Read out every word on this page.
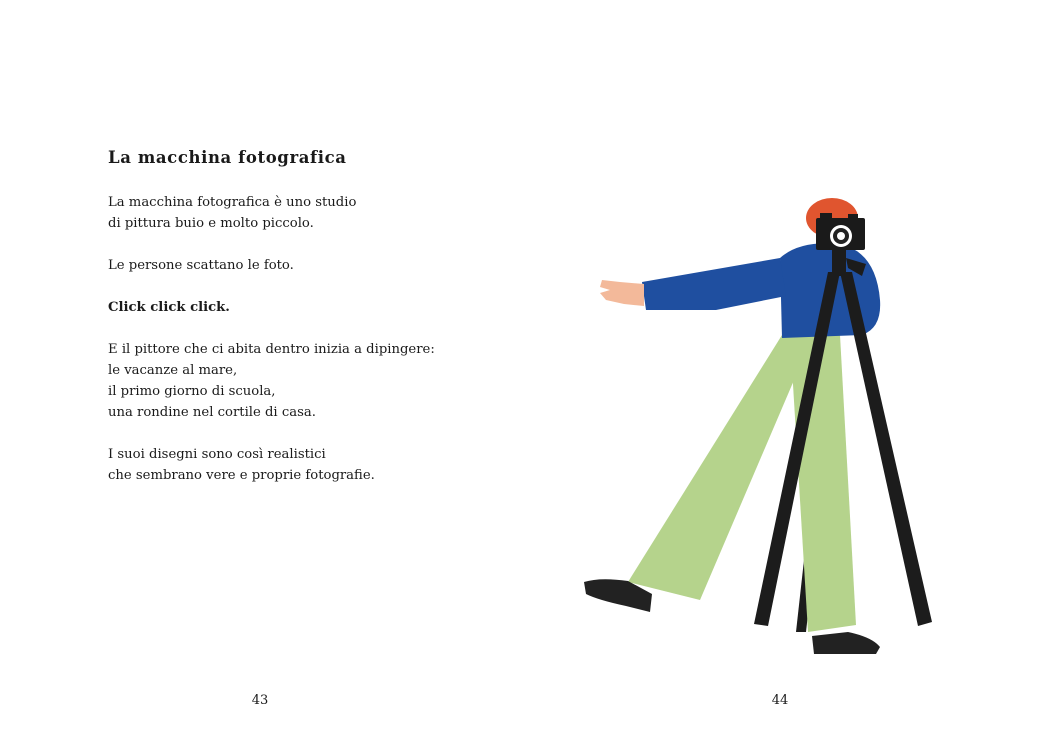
La macchina fotografica

La macchina fotografica è uno studio
di pittura buio e molto piccolo.

Le persone scattano le foto.

Click click click.

E il pittore che ci abita dentro inizia a dipingere:
le vacanze al mare,
il primo giorno di scuola,
una rondine nel cortile di casa.

I suoi disegni sono così realistici
che sembrano vere e proprie fotografie.

43	44
